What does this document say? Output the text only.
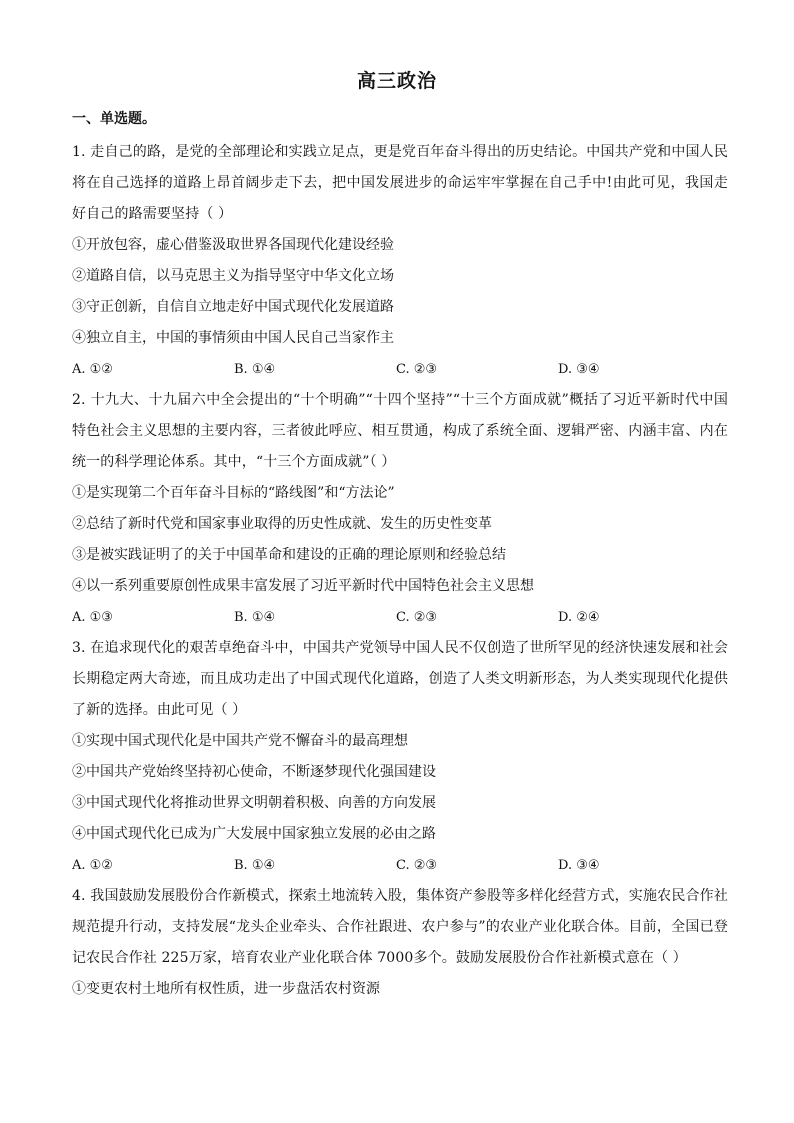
高三政治
一、单选题。

1. 走自己的路，是党的全部理论和实践立足点，更是党百年奋斗得出的历史结论。中国共产党和中国人民将在自己选择的道路上昂首阔步走下去，把中国发展进步的命运牢牢掌握在自己手中!由此可见，我国走好自己的路需要坚持（ ）

①开放包容，虚心借鉴汲取世界各国现代化建设经验

②道路自信，以马克思主义为指导坚守中华文化立场

③守正创新，自信自立地走好中国式现代化发展道路

④独立自主，中国的事情须由中国人民自己当家作主

A. ①②	B. ①④	C. ②③	D. ③④

2. 十九大、十九届六中全会提出的“十个明确”“十四个坚持”“十三个方面成就”概括了习近平新时代中国特色社会主义思想的主要内容，三者彼此呼应、相互贯通，构成了系统全面、逻辑严密、内涵丰富、内在统一的科学理论体系。其中，“十三个方面成就”（ ）

①是实现第二个百年奋斗目标的“路线图”和“方法论”

②总结了新时代党和国家事业取得的历史性成就、发生的历史性变革

③是被实践证明了的关于中国革命和建设的正确的理论原则和经验总结

④以一系列重要原创性成果丰富发展了习近平新时代中国特色社会主义思想

A. ①③	B. ①④	C. ②③	D. ②④

3. 在追求现代化的艰苦卓绝奋斗中，中国共产党领导中国人民不仅创造了世所罕见的经济快速发展和社会长期稳定两大奇迹，而且成功走出了中国式现代化道路，创造了人类文明新形态，为人类实现现代化提供了新的选择。由此可见（ ）

①实现中国式现代化是中国共产党不懈奋斗的最高理想

②中国共产党始终坚持初心使命，不断逐梦现代化强国建设

③中国式现代化将推动世界文明朝着积极、向善的方向发展

④中国式现代化已成为广大发展中国家独立发展的必由之路

A. ①②	B. ①④	C. ②③	D. ③④

4. 我国鼓励发展股份合作新模式，探索土地流转入股，集体资产参股等多样化经营方式，实施农民合作社规范提升行动，支持发展“龙头企业牵头、合作社跟进、农户参与”的农业产业化联合体。目前，全国已登记农民合作社 225万家，培育农业产业化联合体 7000多个。鼓励发展股份合作社新模式意在（ ）

①变更农村土地所有权性质，进一步盘活农村资源
